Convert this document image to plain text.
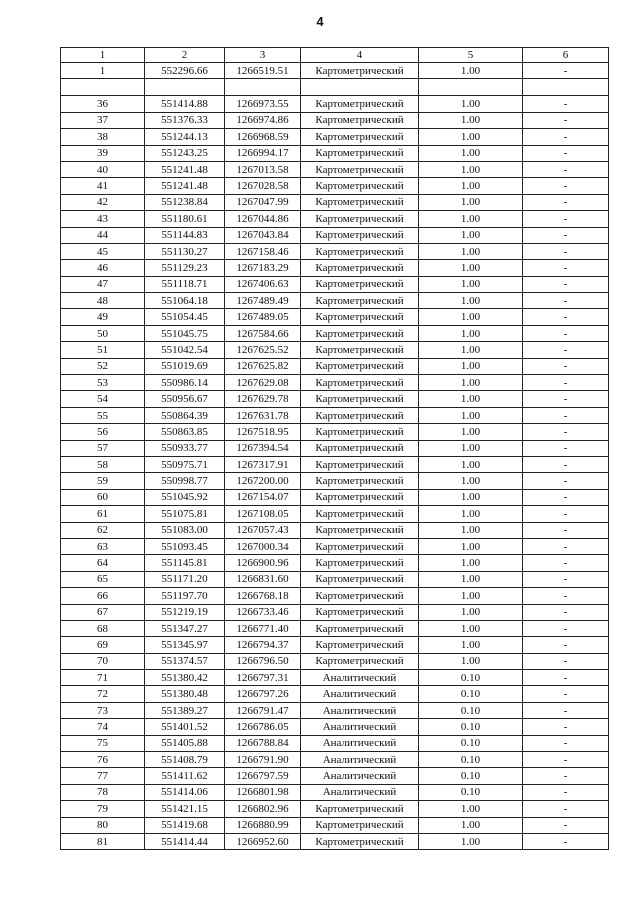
4
1	2	3	4	5	6
1	552296.66	1266519.51	Картометрический	1.00	-

36	551414.88	1266973.55	Картометрический	1.00	-
37	551376.33	1266974.86	Картометрический	1.00	-
38	551244.13	1266968.59	Картометрический	1.00	-
39	551243.25	1266994.17	Картометрический	1.00	-
40	551241.48	1267013.58	Картометрический	1.00	-
41	551241.48	1267028.58	Картометрический	1.00	-
42	551238.84	1267047.99	Картометрический	1.00	-
43	551180.61	1267044.86	Картометрический	1.00	-
44	551144.83	1267043.84	Картометрический	1.00	-
45	551130.27	1267158.46	Картометрический	1.00	-
46	551129.23	1267183.29	Картометрический	1.00	-
47	551118.71	1267406.63	Картометрический	1.00	-
48	551064.18	1267489.49	Картометрический	1.00	-
49	551054.45	1267489.05	Картометрический	1.00	-
50	551045.75	1267584.66	Картометрический	1.00	-
51	551042.54	1267625.52	Картометрический	1.00	-
52	551019.69	1267625.82	Картометрический	1.00	-
53	550986.14	1267629.08	Картометрический	1.00	-
54	550956.67	1267629.78	Картометрический	1.00	-
55	550864.39	1267631.78	Картометрический	1.00	-
56	550863.85	1267518.95	Картометрический	1.00	-
57	550933.77	1267394.54	Картометрический	1.00	-
58	550975.71	1267317.91	Картометрический	1.00	-
59	550998.77	1267200.00	Картометрический	1.00	-
60	551045.92	1267154.07	Картометрический	1.00	-
61	551075.81	1267108.05	Картометрический	1.00	-
62	551083.00	1267057.43	Картометрический	1.00	-
63	551093.45	1267000.34	Картометрический	1.00	-
64	551145.81	1266900.96	Картометрический	1.00	-
65	551171.20	1266831.60	Картометрический	1.00	-
66	551197.70	1266768.18	Картометрический	1.00	-
67	551219.19	1266733.46	Картометрический	1.00	-
68	551347.27	1266771.40	Картометрический	1.00	-
69	551345.97	1266794.37	Картометрический	1.00	-
70	551374.57	1266796.50	Картометрический	1.00	-
71	551380.42	1266797.31	Аналитический	0.10	-
72	551380.48	1266797.26	Аналитический	0.10	-
73	551389.27	1266791.47	Аналитический	0.10	-
74	551401.52	1266786.05	Аналитический	0.10	-
75	551405.88	1266788.84	Аналитический	0.10	-
76	551408.79	1266791.90	Аналитический	0.10	-
77	551411.62	1266797.59	Аналитический	0.10	-
78	551414.06	1266801.98	Аналитический	0.10	-
79	551421.15	1266802.96	Картометрический	1.00	-
80	551419.68	1266880.99	Картометрический	1.00	-
81	551414.44	1266952.60	Картометрический	1.00	-
